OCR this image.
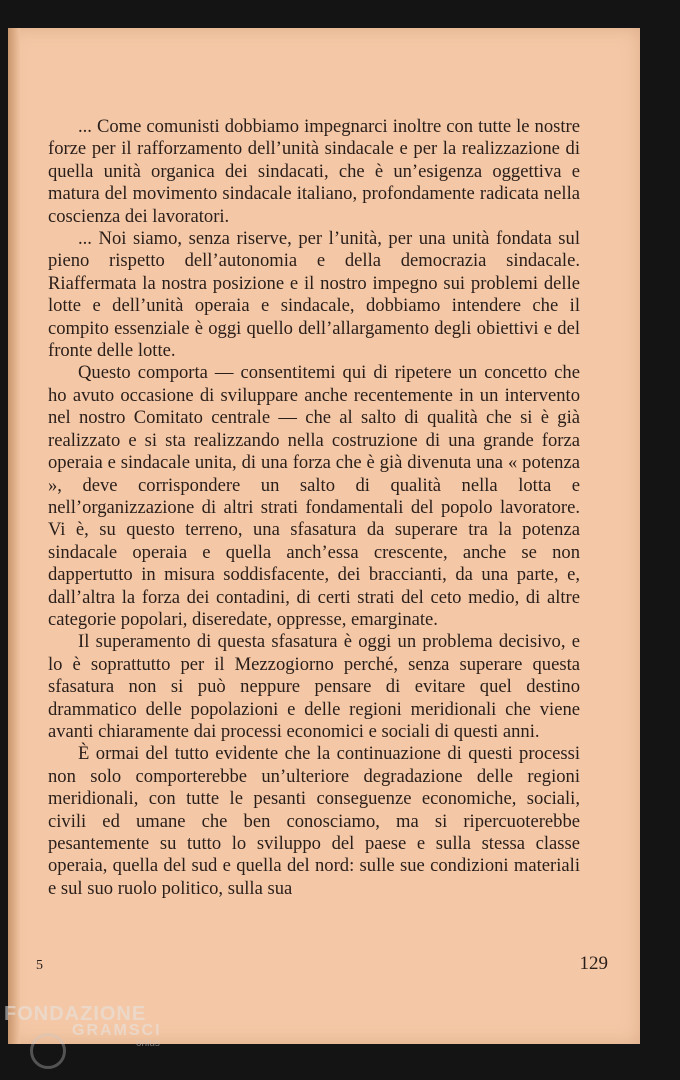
... Come comunisti dobbiamo impegnarci inoltre con tutte le nostre forze per il rafforzamento dell’unità sindacale e per la realizzazione di quella unità organica dei sindacati, che è un’esigenza oggettiva e matura del movimento sindacale italiano, profondamente radicata nella coscienza dei lavoratori.

... Noi siamo, senza riserve, per l’unità, per una unità fondata sul pieno rispetto dell’autonomia e della democrazia sindacale. Riaffermata la nostra posizione e il nostro impegno sui problemi delle lotte e dell’unità operaia e sindacale, dobbiamo intendere che il compito essenziale è oggi quello dell’allargamento degli obiettivi e del fronte delle lotte.

Questo comporta — consentitemi qui di ripetere un concetto che ho avuto occasione di sviluppare anche recentemente in un intervento nel nostro Comitato centrale — che al salto di qualità che si è già realizzato e si sta realizzando nella costruzione di una grande forza operaia e sindacale unita, di una forza che è già divenuta una « potenza », deve corrispondere un salto di qualità nella lotta e nell’organizzazione di altri strati fondamentali del popolo lavoratore. Vi è, su questo terreno, una sfasatura da superare tra la potenza sindacale operaia e quella anch’essa crescente, anche se non dappertutto in misura soddisfacente, dei braccianti, da una parte, e, dall’altra la forza dei contadini, di certi strati del ceto medio, di altre categorie popolari, diseredate, oppresse, emarginate.

Il superamento di questa sfasatura è oggi un problema decisivo, e lo è soprattutto per il Mezzogiorno perché, senza superare questa sfasatura non si può neppure pensare di evitare quel destino drammatico delle popolazioni e delle regioni meridionali che viene avanti chiaramente dai processi economici e sociali di questi anni.

È ormai del tutto evidente che la continuazione di questi processi non solo comporterebbe un’ulteriore degradazione delle regioni meridionali, con tutte le pesanti conseguenze economiche, sociali, civili ed umane che ben conosciamo, ma si ripercuoterebbe pesantemente su tutto lo sviluppo del paese e sulla stessa classe operaia, quella del sud e quella del nord: sulle sue condizioni materiali e sul suo ruolo politico, sulla sua

5	129
FONDAZIONE
GRAMSCI
onlus
